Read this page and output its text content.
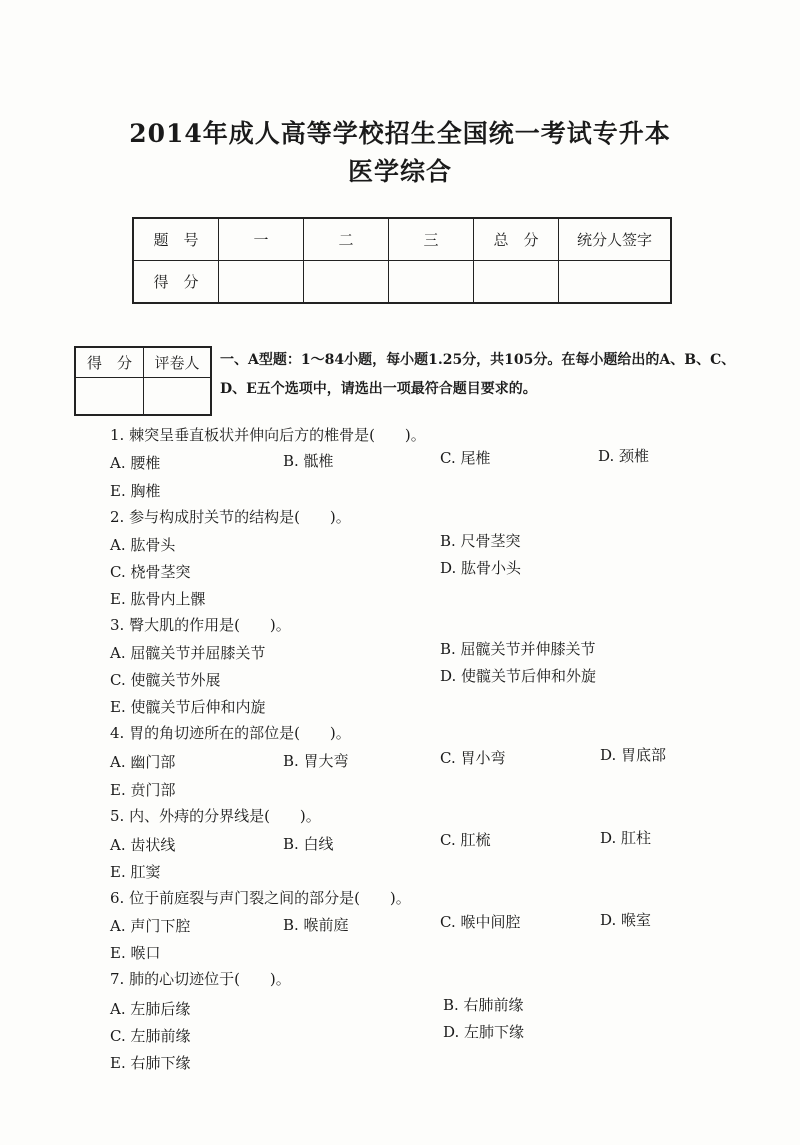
2014年成人高等学校招生全国统一考试专升本
医学综合
题　号	一	二	三	总　分	统分人签字
得　分					
得　分	评卷人
	一、A型题：1～84小题，每小题1.25分，共105分。在每小题给出的A、B、C、D、E五个选项中，请选出一项最符合题目要求的。

1. 棘突呈垂直板状并伸向后方的椎骨是(　　)。

A. 腰椎	B. 骶椎	C. 尾椎	D. 颈椎
E. 胸椎

2. 参与构成肘关节的结构是(　　)。

A. 肱骨头	B. 尺骨茎突
C. 桡骨茎突	D. 肱骨小头
E. 肱骨内上髁

3. 臀大肌的作用是(　　)。

A. 屈髋关节并屈膝关节	B. 屈髋关节并伸膝关节
C. 使髋关节外展	D. 使髋关节后伸和外旋
E. 使髋关节后伸和内旋

4. 胃的角切迹所在的部位是(　　)。

A. 幽门部	B. 胃大弯	C. 胃小弯	D. 胃底部
E. 贲门部

5. 内、外痔的分界线是(　　)。

A. 齿状线	B. 白线	C. 肛梳	D. 肛柱
E. 肛窦

6. 位于前庭裂与声门裂之间的部分是(　　)。

A. 声门下腔	B. 喉前庭	C. 喉中间腔	D. 喉室
E. 喉口

7. 肺的心切迹位于(　　)。

A. 左肺后缘	B. 右肺前缘
C. 左肺前缘	D. 左肺下缘
E. 右肺下缘
